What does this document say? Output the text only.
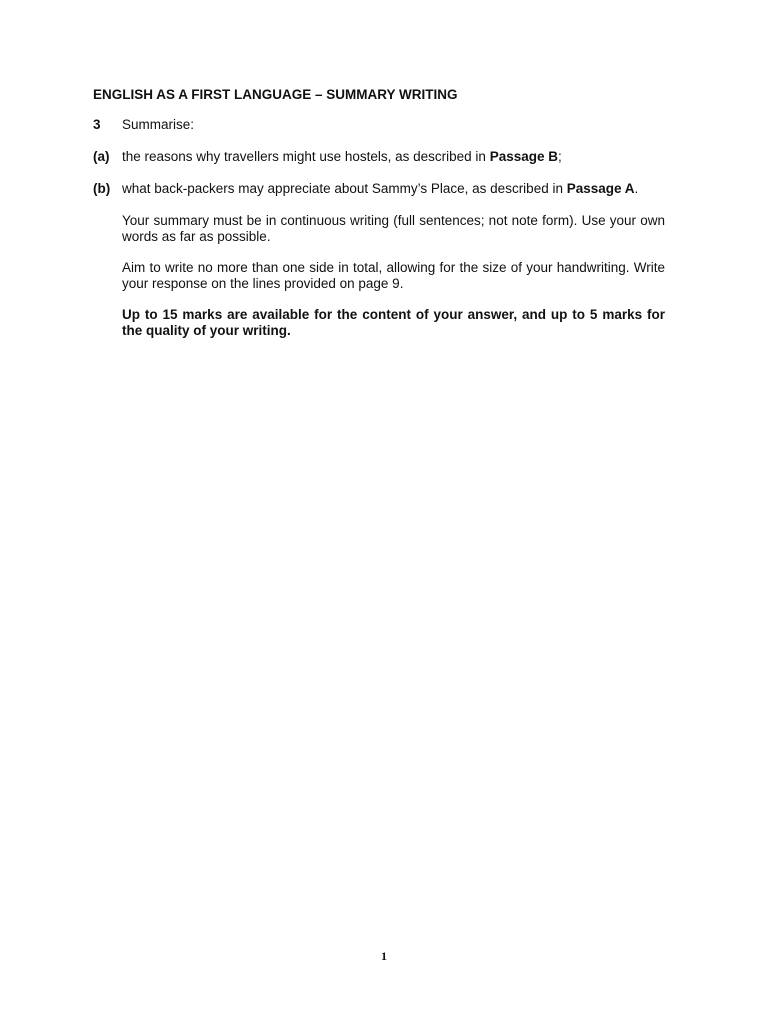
ENGLISH AS A FIRST LANGUAGE – SUMMARY WRITING
3	Summarise:
(a) the reasons why travellers might use hostels, as described in Passage B;
(b) what back-packers may appreciate about Sammy’s Place, as described in Passage A.
Your summary must be in continuous writing (full sentences; not note form). Use your own words as far as possible.
Aim to write no more than one side in total, allowing for the size of your handwriting. Write your response on the lines provided on page 9.
Up to 15 marks are available for the content of your answer, and up to 5 marks for the quality of your writing.
1
